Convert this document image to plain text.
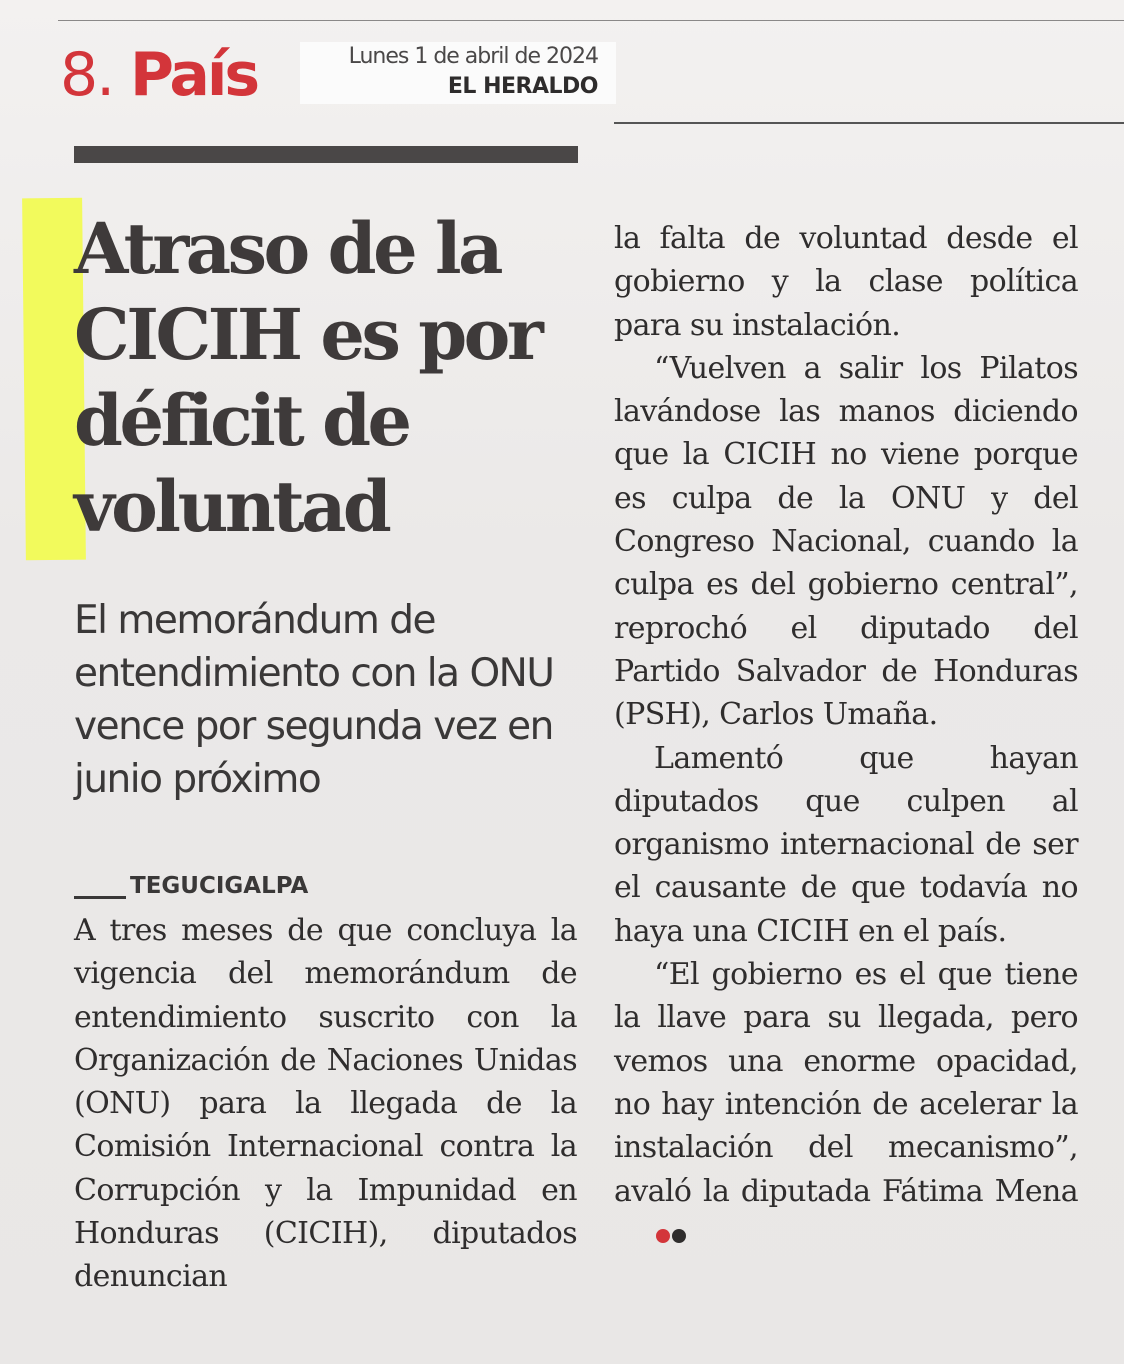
8. País	Lunes 1 de abril de 2024
EL HERALDO
Atraso de la CICIH es por déficit de voluntad
El memorándum de entendimiento con la ONU vence por segunda vez en junio próximo
TEGUCIGALPA

A tres meses de que concluya la vigencia del memorándum de entendimiento suscrito con la Organización de Naciones Unidas (ONU) para la llegada de la Comisión Internacional contra la Corrupción y la Impunidad en Honduras (CICIH), diputados denuncian

la falta de voluntad desde el gobierno y la clase política para su instalación.

“Vuelven a salir los Pilatos lavándose las manos diciendo que la CICIH no viene porque es culpa de la ONU y del Congreso Nacional, cuando la culpa es del gobierno central”, reprochó el diputado del Partido Salvador de Honduras (PSH), Carlos Umaña.

Lamentó que hayan diputados que culpen al organismo internacional de ser el causante de que todavía no haya una CICIH en el país.

“El gobierno es el que tiene la llave para su llegada, pero vemos una enorme opacidad, no hay intención de acelerar la instalación del mecanismo”, avaló la diputada Fátima Mena
